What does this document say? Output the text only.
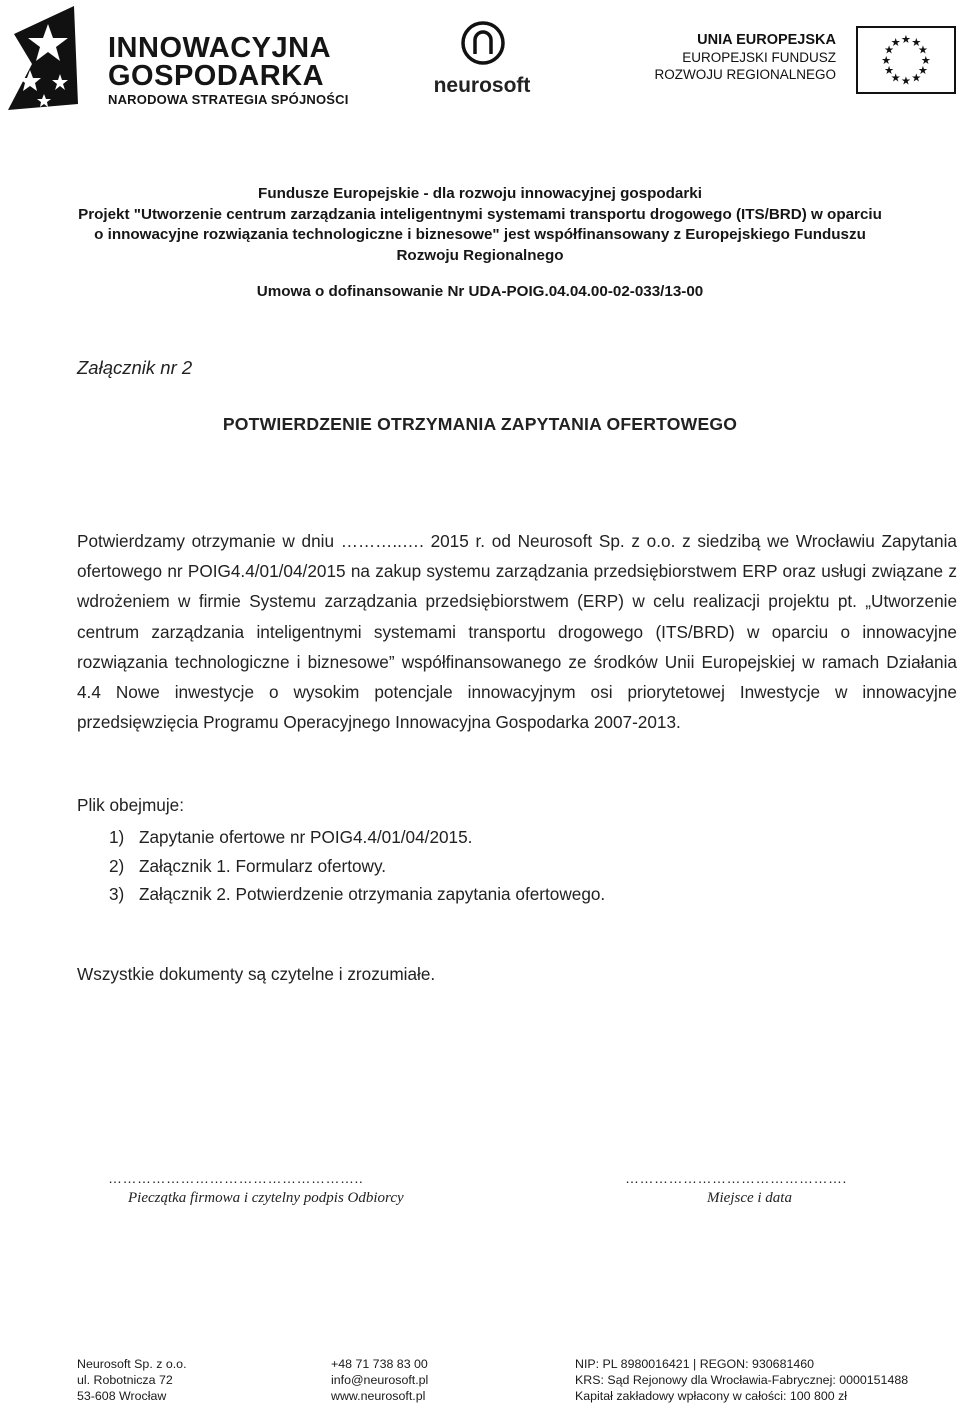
INNOWACYJNA
GOSPODARKA
NARODOWA STRATEGIA SPÓJNOŚCI
neurosoft
UNIA EUROPEJSKA
EUROPEJSKI FUNDUSZ
ROZWOJU REGIONALNEGO
★ ★
★
★
★
★
★
★
★
★
★
★
Fundusze Europejskie - dla rozwoju innowacyjnej gospodarki
Projekt "Utworzenie centrum zarządzania inteligentnymi systemami transportu drogowego (ITS/BRD) w oparciu
o innowacyjne rozwiązania technologiczne i biznesowe" jest współfinansowany z Europejskiego Funduszu
Rozwoju Regionalnego
Umowa o dofinansowanie Nr UDA-POIG.04.04.00-02-033/13-00
Załącznik nr 2
POTWIERDZENIE OTRZYMANIA ZAPYTANIA OFERTOWEGO
Potwierdzamy otrzymanie w dniu ………..…. 2015 r. od Neurosoft Sp. z o.o. z siedzibą we Wrocławiu Zapytania ofertowego nr POIG4.4/01/04/2015 na zakup systemu zarządzania przedsiębiorstwem ERP oraz usługi związane z wdrożeniem w firmie Systemu zarządzania przedsiębiorstwem (ERP) w celu realizacji projektu pt. „Utworzenie centrum zarządzania inteligentnymi systemami transportu drogowego (ITS/BRD) w oparciu o innowacyjne rozwiązania technologiczne i biznesowe” współfinansowanego ze środków Unii Europejskiej w ramach Działania 4.4 Nowe inwestycje o wysokim potencjale innowacyjnym osi priorytetowej Inwestycje w innowacyjne przedsięwzięcia Programu Operacyjnego Innowacyjna Gospodarka 2007-2013.
Plik obejmuje:
1) Zapytanie ofertowe nr POIG4.4/01/04/2015.
2) Załącznik 1. Formularz ofertowy.
3) Załącznik 2. Potwierdzenie otrzymania zapytania ofertowego.
Wszystkie dokumenty są czytelne i zrozumiałe.
……………………………………………..
Pieczątka firmowa i czytelny podpis Odbiorcy
……………………………………….
Miejsce i data
Neurosoft Sp. z o.o.
ul. Robotnicza 72
53-608 Wrocław
+48 71 738 83 00
info@neurosoft.pl
www.neurosoft.pl
NIP: PL 8980016421 | REGON: 930681460
KRS: Sąd Rejonowy dla Wrocławia-Fabrycznej: 0000151488
Kapitał zakładowy wpłacony w całości: 100 800 zł
